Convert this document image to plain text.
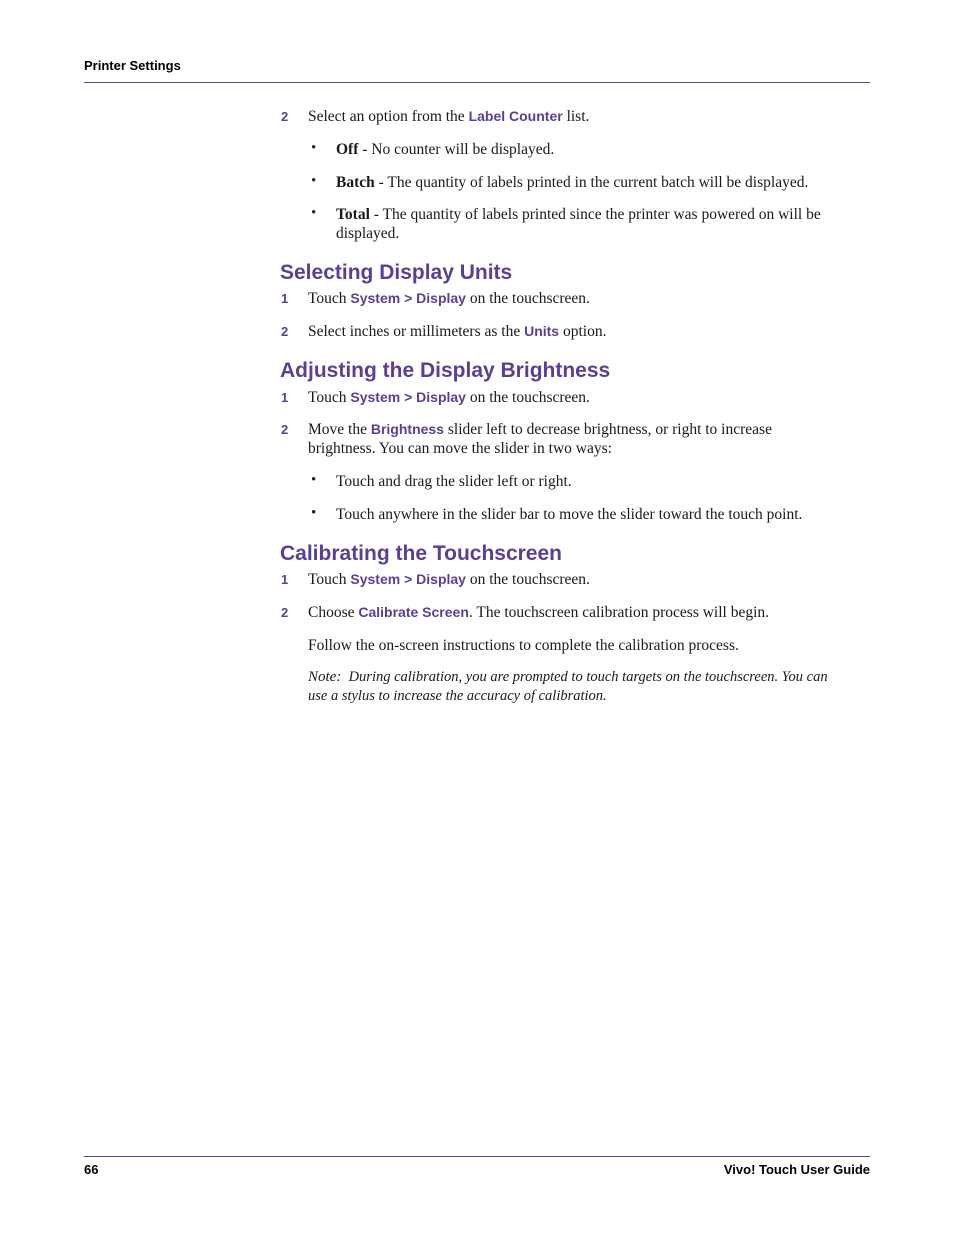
Printer Settings
2 Select an option from the Label Counter list.
• Off - No counter will be displayed.
• Batch - The quantity of labels printed in the current batch will be displayed.
• Total - The quantity of labels printed since the printer was powered on will be
displayed.
Selecting Display Units
1 Touch System > Display on the touchscreen.
2 Select inches or millimeters as the Units option.
Adjusting the Display Brightness
1 Touch System > Display on the touchscreen.
2 Move the Brightness slider left to decrease brightness, or right to increase
brightness. You can move the slider in two ways:
• Touch and drag the slider left or right.
• Touch anywhere in the slider bar to move the slider toward the touch point.
Calibrating the Touchscreen
1 Touch System > Display on the touchscreen.
2 Choose Calibrate Screen. The touchscreen calibration process will begin.
Follow the on-screen instructions to complete the calibration process.
Note: During calibration, you are prompted to touch targets on the touchscreen. You can
use a stylus to increase the accuracy of calibration.
66	Vivo! Touch User Guide
